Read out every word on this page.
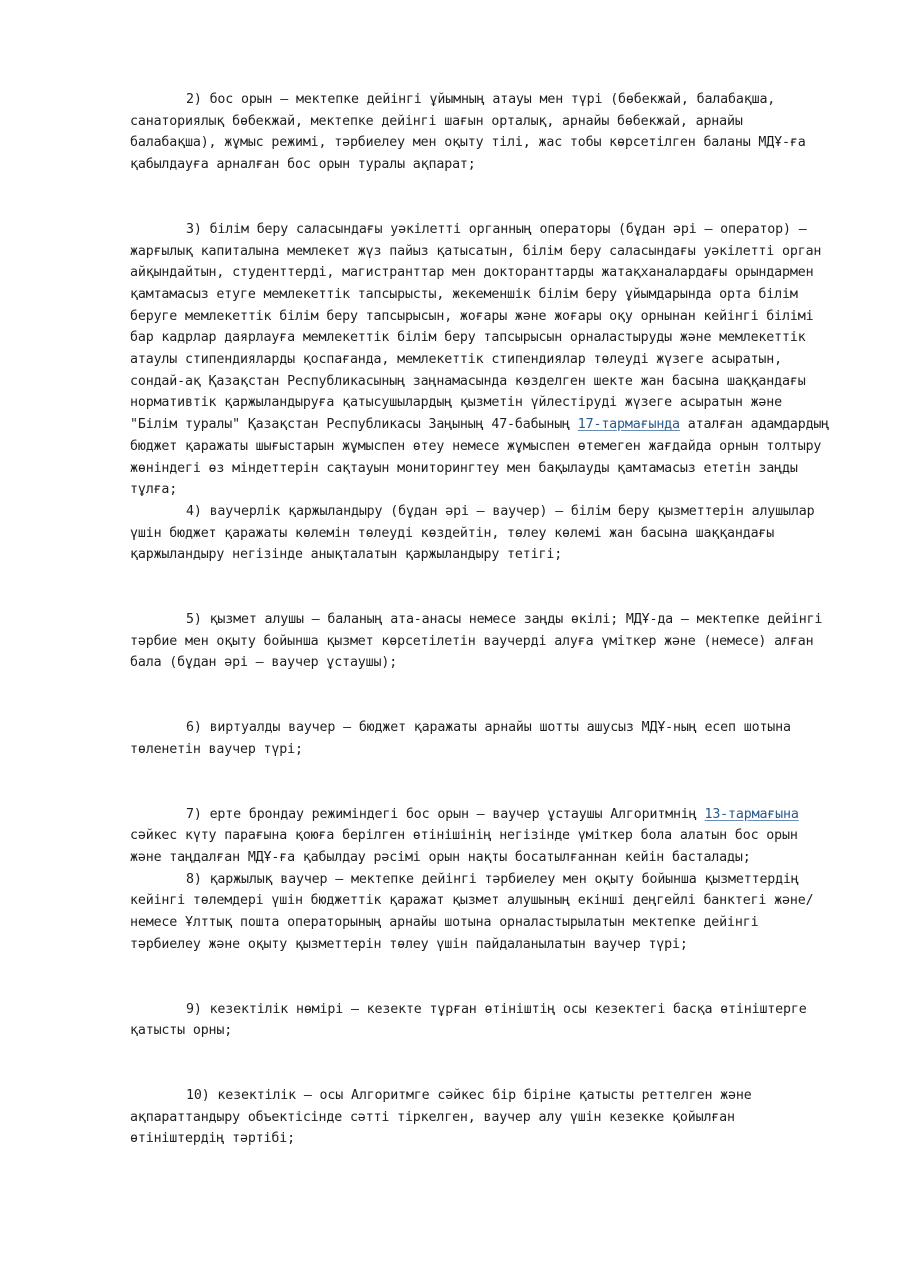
2) бос орын – мектепке дейінгі ұйымның атауы мен түрі (бөбекжай, балабақша, санаториялық бөбекжай, мектепке дейінгі шағын орталық, арнайы бөбекжай, арнайы балабақша), жұмыс режимі, тәрбиелеу мен оқыту тілі, жас тобы көрсетілген баланы МДҰ-ға қабылдауға арналған бос орын туралы ақпарат;

3) білім беру саласындағы уәкілетті органның операторы (бұдан әрі – оператор) – жарғылық капиталына мемлекет жүз пайыз қатысатын, білім беру саласындағы уәкілетті орган айқындайтын, студенттерді, магистранттар мен докторанттарды жатақханалардағы орындармен қамтамасыз етуге мемлекеттік тапсырысты, жекеменшік білім беру ұйымдарында орта білім беруге мемлекеттік білім беру тапсырысын, жоғары және жоғары оқу орнынан кейінгі білімі бар кадрлар даярлауға мемлекеттік білім беру тапсырысын орналастыруды және мемлекеттік атаулы стипендияларды қоспағанда, мемлекеттік стипендиялар төлеуді жүзеге асыратын, сондай-ақ Қазақстан Республикасының заңнамасында көзделген шекте жан басына шаққандағы нормативтік қаржыландыруға қатысушылардың қызметін үйлестіруді жүзеге асыратын және "Білім туралы" Қазақстан Республикасы Заңының 47-бабының 17-тармағында аталған адамдардың бюджет қаражаты шығыстарын жұмыспен өтеу немесе жұмыспен өтемеген жағдайда орнын толтыру жөніндегі өз міндеттерін сақтауын мониторингтеу мен бақылауды қамтамасыз ететін заңды тұлға;

4) ваучерлік қаржыландыру (бұдан әрі – ваучер) – білім беру қызметтерін алушылар үшін бюджет қаражаты көлемін төлеуді көздейтін, төлеу көлемі жан басына шаққандағы қаржыландыру негізінде анықталатын қаржыландыру тетігі;

5) қызмет алушы – баланың ата-анасы немесе заңды өкілі; МДҰ-да – мектепке дейінгі тәрбие мен оқыту бойынша қызмет көрсетілетін ваучерді алуға үміткер және (немесе) алған бала (бұдан әрі – ваучер ұстаушы);

6) виртуалды ваучер – бюджет қаражаты арнайы шотты ашусыз МДҰ-ның есеп шотына төленетін ваучер түрі;

7) ерте брондау режиміндегі бос орын – ваучер ұстаушы Алгоритмнің 13-тармағына сәйкес күту парағына қоюға берілген өтінішінің негізінде үміткер бола алатын бос орын және таңдалған МДҰ-ға қабылдау рәсімі орын нақты босатылғаннан кейін басталады;

8) қаржылық ваучер – мектепке дейінгі тәрбиелеу мен оқыту бойынша қызметтердің кейінгі төлемдері үшін бюджеттік қаражат қызмет алушының екінші деңгейлі банктегі және/немесе Ұлттық пошта операторының арнайы шотына орналастырылатын мектепке дейінгі тәрбиелеу және оқыту қызметтерін төлеу үшін пайдаланылатын ваучер түрі;

9) кезектілік нөмірі – кезекте тұрған өтініштің осы кезектегі басқа өтініштерге қатысты орны;

10) кезектілік – осы Алгоритмге сәйкес бір біріне қатысты реттелген және ақпараттандыру объектісінде сәтті тіркелген, ваучер алу үшін кезекке қойылған өтініштердің тәртібі;
